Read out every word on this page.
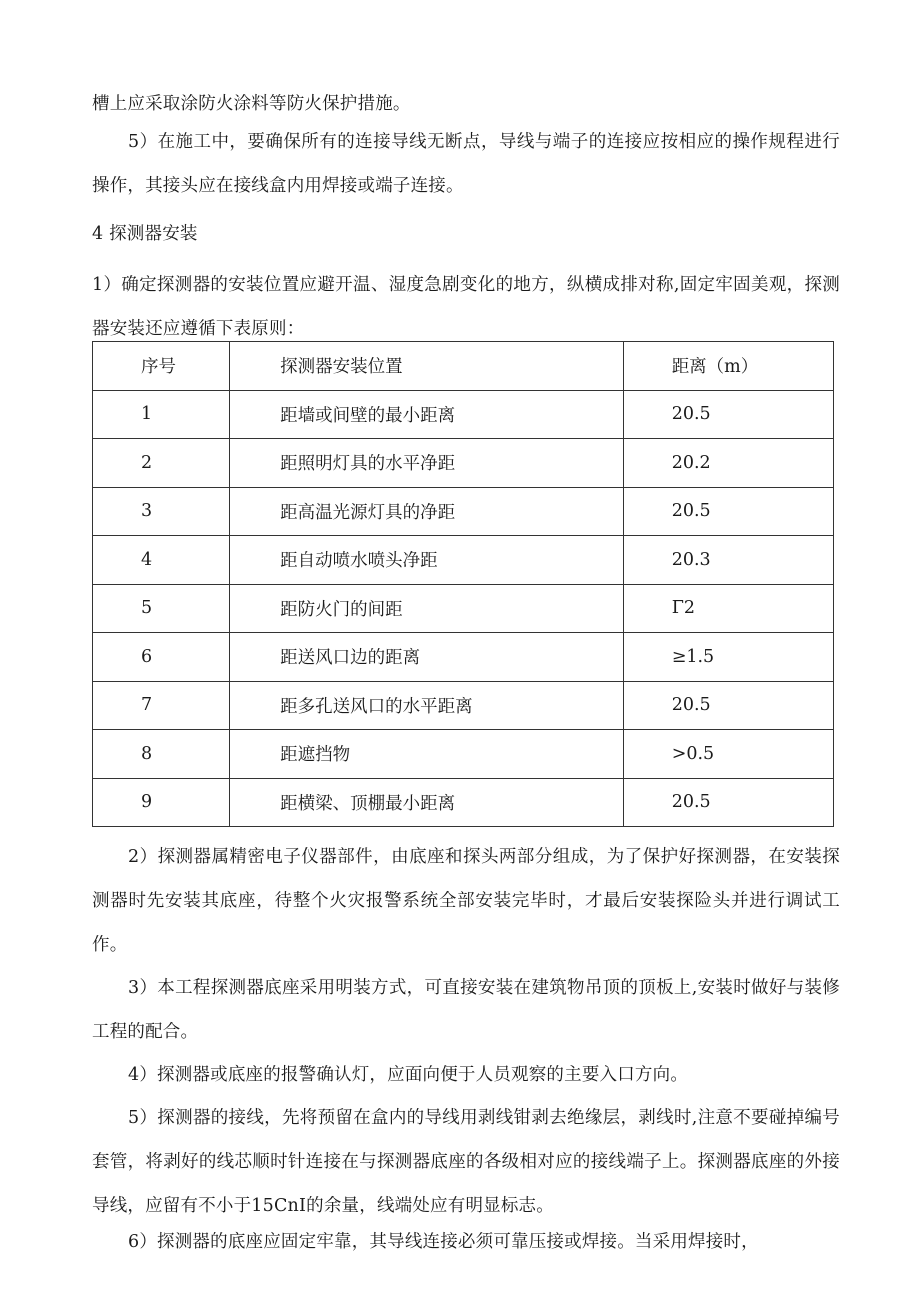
槽上应采取涂防火涂料等防火保护措施。

5）在施工中，要确保所有的连接导线无断点，导线与端子的连接应按相应的操作规程进行操作，其接头应在接线盒内用焊接或端子连接。

4 探测器安装

1）确定探测器的安装位置应避开温、湿度急剧变化的地方，纵横成排对称,固定牢固美观，探测器安装还应遵循下表原则：

序号	探测器安装位置	距离（m）
1	距墙或间壁的最小距离	20.5
2	距照明灯具的水平净距	20.2
3	距高温光源灯具的净距	20.5
4	距自动喷水喷头净距	20.3
5	距防火门的间距	Γ2
6	距送风口边的距离	≥1.5
7	距多孔送风口的水平距离	20.5
8	距遮挡物	>0.5
9	距横梁、顶棚最小距离	20.5

2）探测器属精密电子仪器部件，由底座和探头两部分组成，为了保护好探测器，在安装探测器时先安装其底座，待整个火灾报警系统全部安装完毕时，才最后安装探险头并进行调试工作。

3）本工程探测器底座采用明装方式，可直接安装在建筑物吊顶的顶板上,安装时做好与装修工程的配合。

4）探测器或底座的报警确认灯，应面向便于人员观察的主要入口方向。

5）探测器的接线，先将预留在盒内的导线用剥线钳剥去绝缘层，剥线时,注意不要碰掉编号套管，将剥好的线芯顺时针连接在与探测器底座的各级相对应的接线端子上。探测器底座的外接导线，应留有不小于15CnI的余量，线端处应有明显标志。

6）探测器的底座应固定牢靠，其导线连接必须可靠压接或焊接。当采用焊接时，
